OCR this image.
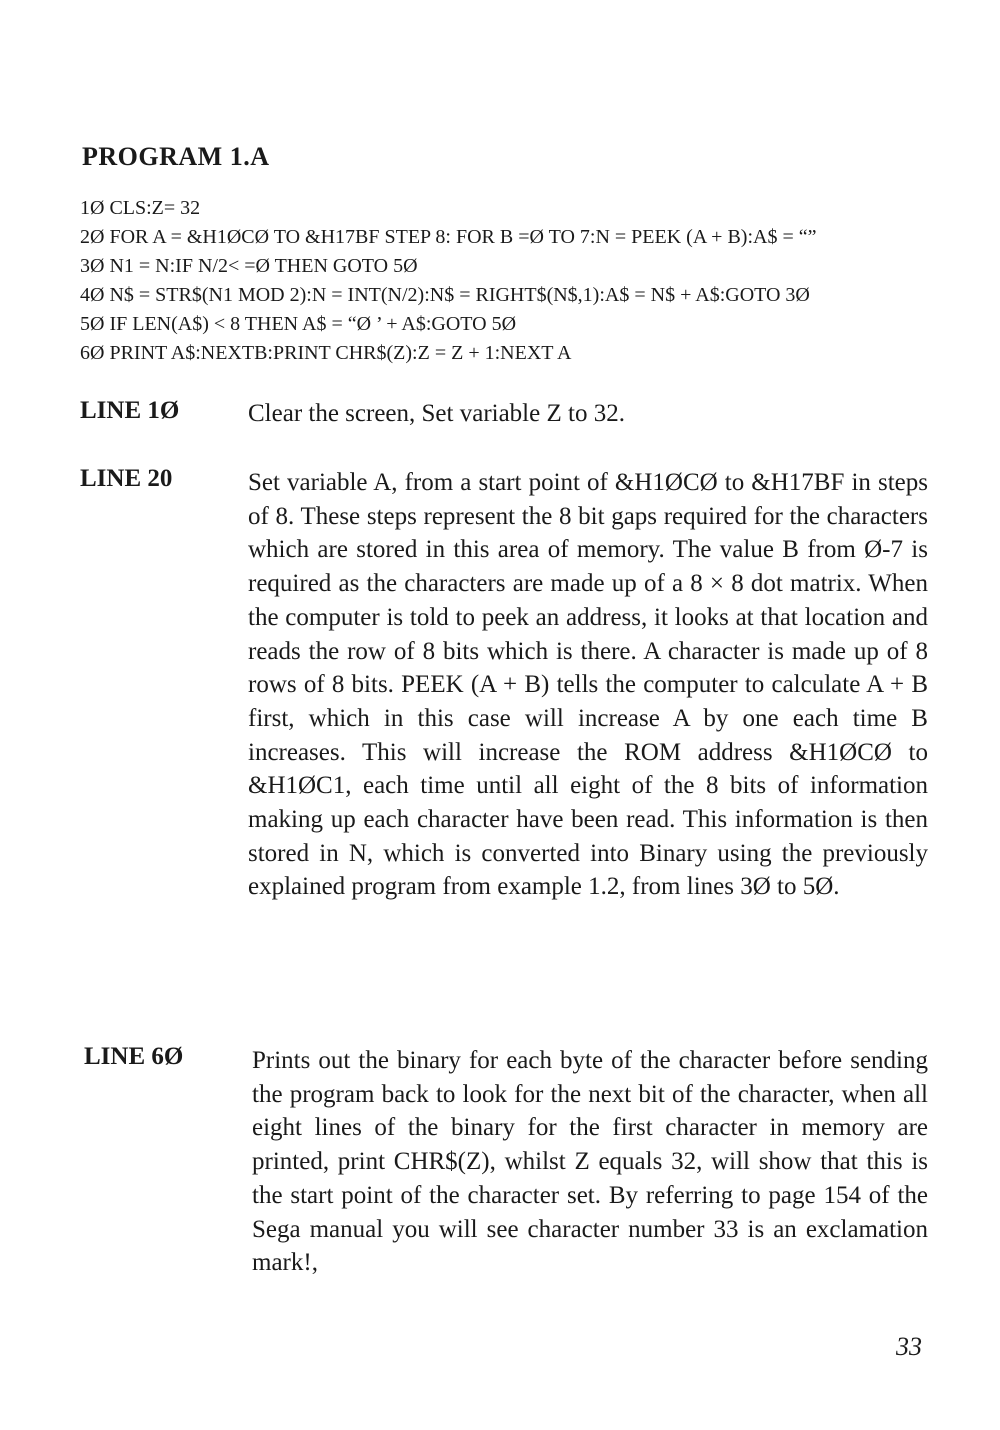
PROGRAM 1.A
1Ø CLS:Z= 32
2Ø FOR A = &H1ØCØ TO &H17BF STEP 8: FOR B =Ø TO 7:N = PEEK (A + B):A$ = “”
3Ø N1 = N:IF N/2< =Ø THEN GOTO 5Ø
4Ø N$ = STR$(N1 MOD 2):N = INT(N/2):N$ = RIGHT$(N$,1):A$ = N$ + A$:GOTO 3Ø
5Ø IF LEN(A$) < 8 THEN A$ = “Ø ’ + A$:GOTO 5Ø
6Ø PRINT A$:NEXTB:PRINT CHR$(Z):Z = Z + 1:NEXT A
LINE 1Ø	Clear the screen, Set variable Z to 32.
LINE 20	Set variable A, from a start point of &H1ØCØ to &H17BF in steps of 8. These steps represent the 8 bit gaps required for the characters which are stored in this area of memory. The value B from Ø-7 is required as the characters are made up of a 8 × 8 dot matrix. When the computer is told to peek an address, it looks at that location and reads the row of 8 bits which is there. A character is made up of 8 rows of 8 bits. PEEK (A + B) tells the computer to calculate A + B first, which in this case will increase A by one each time B increases. This will increase the ROM address &H1ØCØ to &H1ØC1, each time until all eight of the 8 bits of information making up each character have been read. This information is then stored in N, which is converted into Binary using the previously explained program from example 1.2, from lines 3Ø to 5Ø.
LINE 6Ø	Prints out the binary for each byte of the character before sending the program back to look for the next bit of the character, when all eight lines of the binary for the first character in memory are printed, print CHR$(Z), whilst Z equals 32, will show that this is the start point of the character set. By referring to page 154 of the Sega manual you will see character number 33 is an exclamation mark!,
33
